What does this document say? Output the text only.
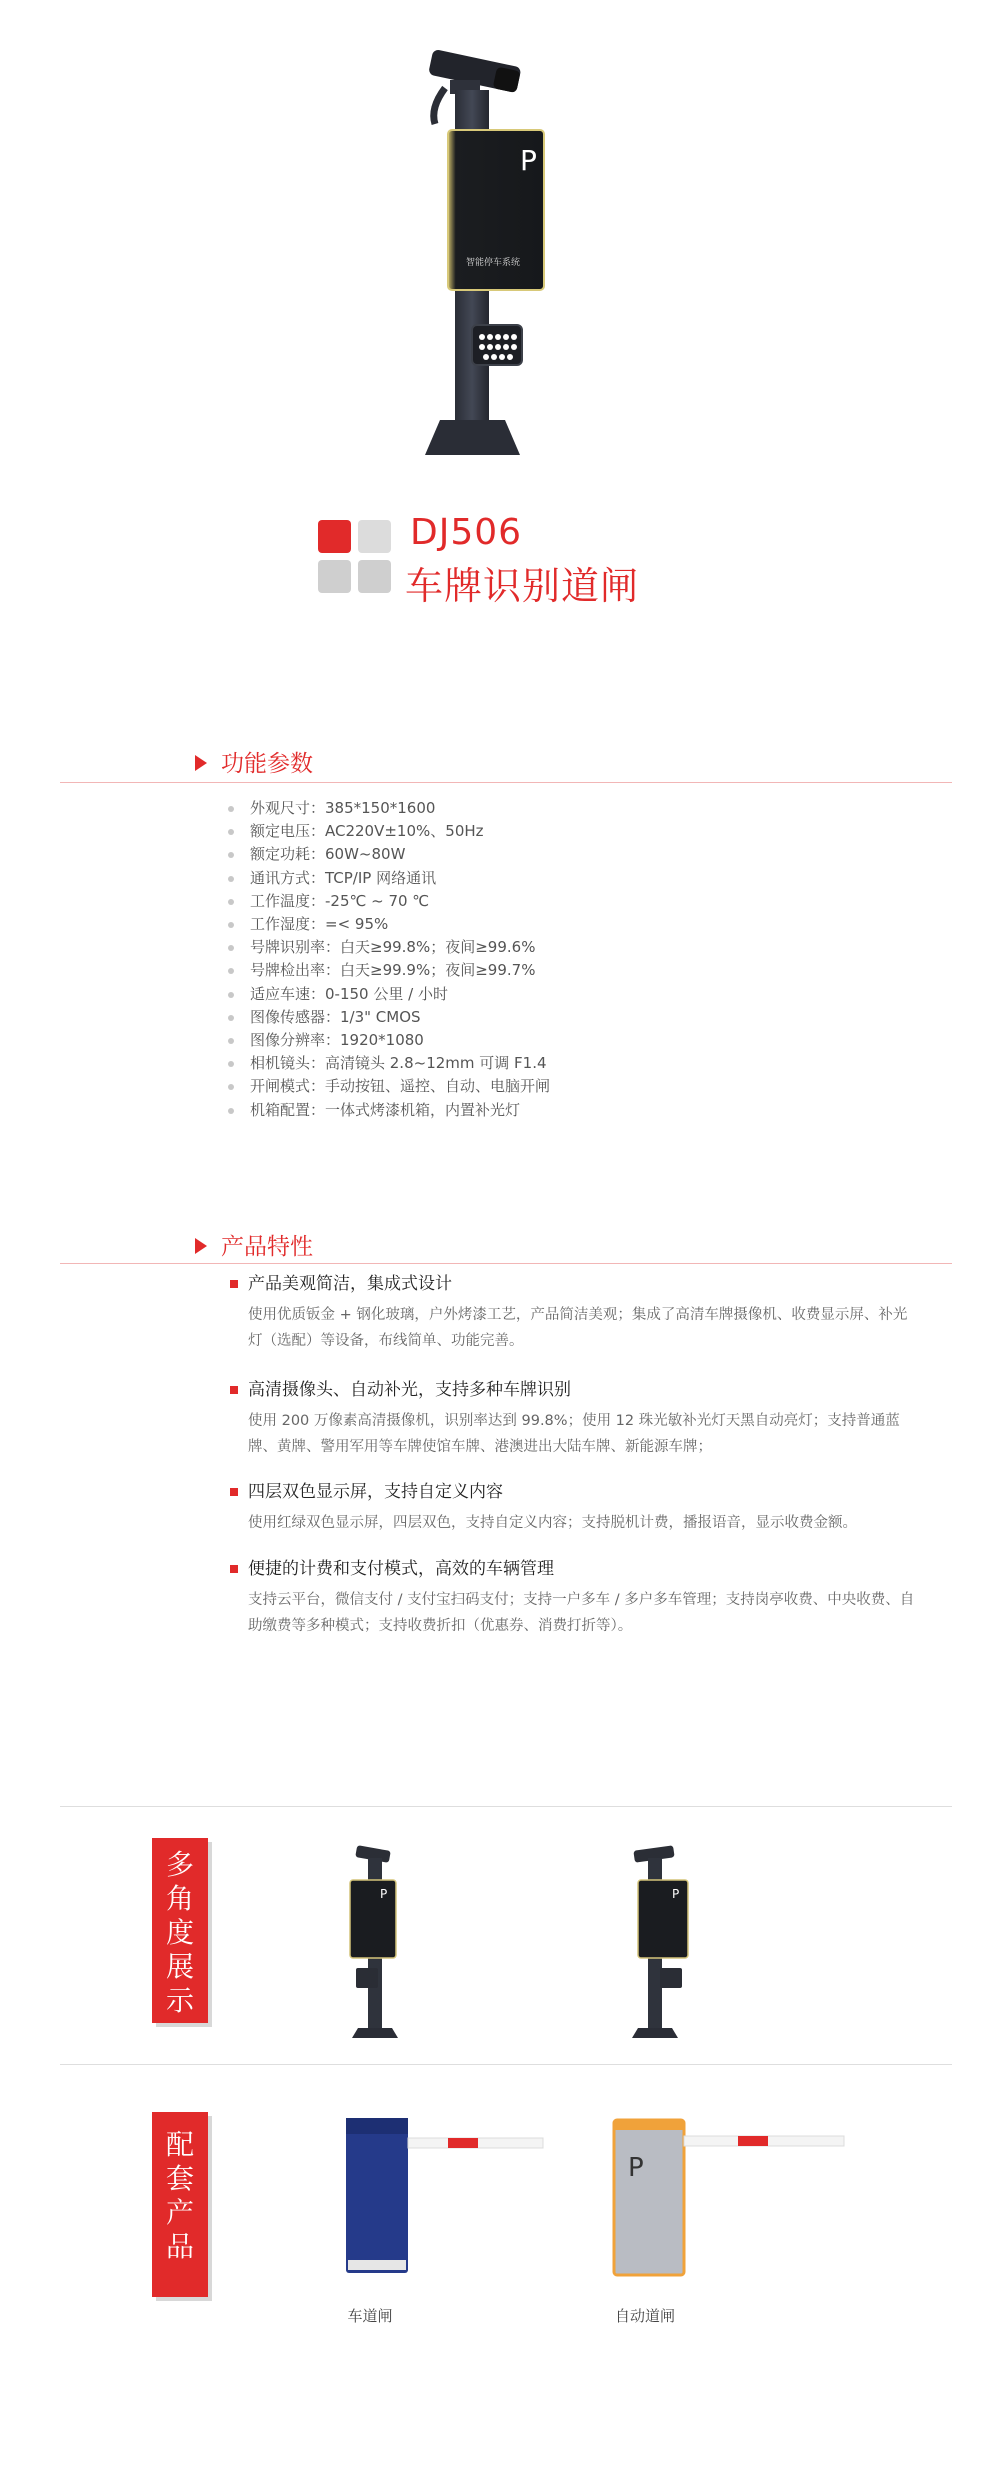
P
智能停车系统
DJ506
车牌识别道闸
功能参数
外观尺寸：385*150*1600
额定电压：AC220V±10%、50Hz
额定功耗：60W~80W
通讯方式：TCP/IP 网络通讯
工作温度：-25℃ ~ 70 ℃
工作湿度：=< 95%
号牌识别率：白天≥99.8%；夜间≥99.6%
号牌检出率：白天≥99.9%；夜间≥99.7%
适应车速：0-150 公里 / 小时
图像传感器：1/3" CMOS
图像分辨率：1920*1080
相机镜头：高清镜头 2.8~12mm 可调 F1.4
开闸模式：手动按钮、遥控、自动、电脑开闸
机箱配置：一体式烤漆机箱，内置补光灯
产品特性
产品美观简洁，集成式设计
使用优质钣金 + 钢化玻璃，户外烤漆工艺，产品简洁美观；集成了高清车牌摄像机、收费显示屏、补光灯（选配）等设备，布线简单、功能完善。
高清摄像头、自动补光，支持多种车牌识别
使用 200 万像素高清摄像机，识别率达到 99.8%；使用 12 珠光敏补光灯天黑自动亮灯；支持普通蓝牌、黄牌、警用军用等车牌使馆车牌、港澳进出大陆车牌、新能源车牌；
四层双色显示屏，支持自定义内容
使用红绿双色显示屏，四层双色，支持自定义内容；支持脱机计费，播报语音，显示收费金额。
便捷的计费和支付模式，高效的车辆管理
支持云平台，微信支付 / 支付宝扫码支付；支持一户多车 / 多户多车管理；支持岗亭收费、中央收费、自助缴费等多种模式；支持收费折扣（优惠券、消费打折等）。
多角度展示
P	P
配套产品
车道闸
P
自动道闸
